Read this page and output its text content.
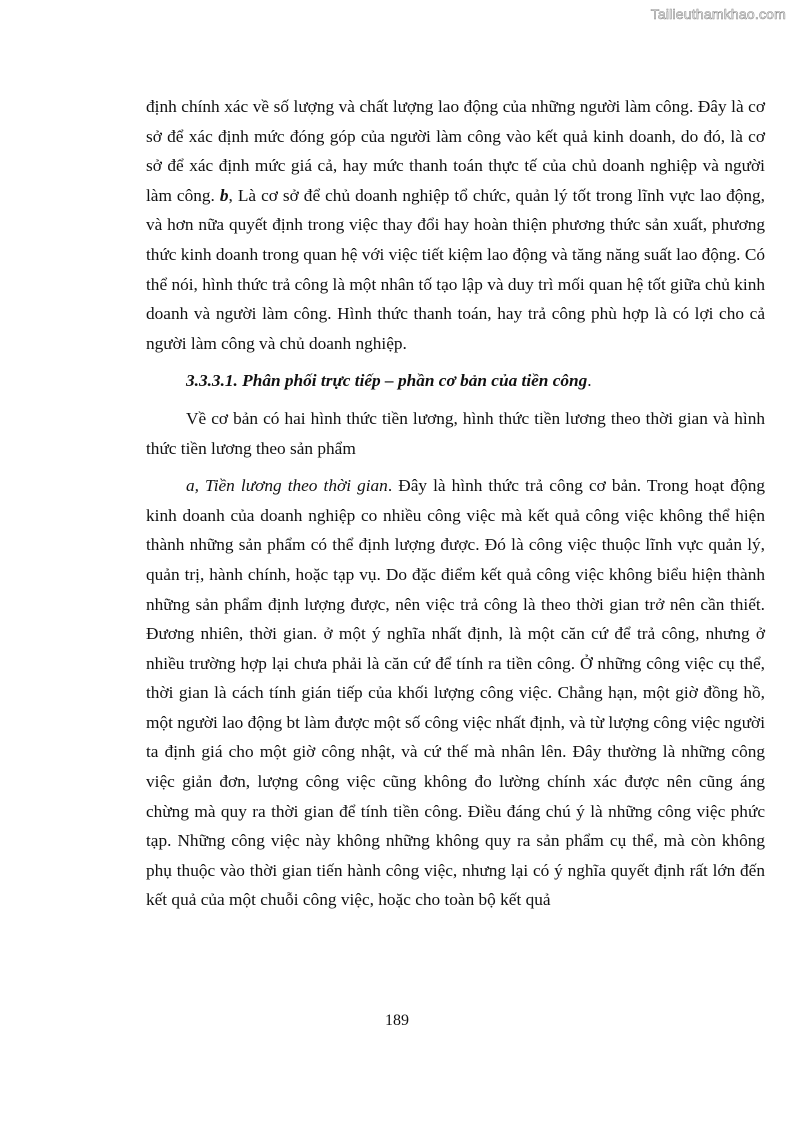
Tailieuthamkhao.com

định chính xác về số lượng và chất lượng lao động của những người làm công. Đây là cơ sở để xác định mức đóng góp của người làm công vào kết quả kinh doanh, do đó, là cơ sở để xác định mức giá cả, hay mức thanh toán thực tế của chủ doanh nghiệp và người làm công. b, Là cơ sở để chủ doanh nghiệp tổ chức, quản lý tốt trong lĩnh vực lao động, và hơn nữa quyết định trong việc thay đổi hay hoàn thiện phương thức sản xuất, phương thức kinh doanh trong quan hệ với việc tiết kiệm lao động và tăng năng suất lao động. Có thể nói, hình thức trả công là một nhân tố tạo lập và duy trì mối quan hệ tốt giữa chủ kinh doanh và người làm công. Hình thức thanh toán, hay trả công phù hợp là có lợi cho cả người làm công và chủ doanh nghiệp.

3.3.3.1. Phân phối trực tiếp – phần cơ bản của tiền công.

Về cơ bản có hai hình thức tiền lương, hình thức tiền lương theo thời gian và hình thức tiền lương theo sản phẩm

a, Tiền lương theo thời gian. Đây là hình thức trả công cơ bản. Trong hoạt động kinh doanh của doanh nghiệp co nhiều công việc mà kết quả công việc không thể hiện thành những sản phẩm có thể định lượng được. Đó là công việc thuộc lĩnh vực quản lý, quản trị, hành chính, hoặc tạp vụ. Do đặc điểm kết quả công việc không biểu hiện thành những sản phẩm định lượng được, nên việc trả công là theo thời gian trở nên cần thiết. Đương nhiên, thời gian. ở một ý nghĩa nhất định, là một căn cứ để trả công, nhưng ở nhiều trường hợp lại chưa phải là căn cứ để tính ra tiền công. Ở những công việc cụ thể, thời gian là cách tính gián tiếp của khối lượng công việc. Chẳng hạn, một giờ đồng hồ, một người lao động bt làm được một số công việc nhất định, và từ lượng công việc người ta định giá cho một giờ công nhật, và cứ thế mà nhân lên. Đây thường là những công việc giản đơn, lượng công việc cũng không đo lường chính xác được nên cũng áng chừng mà quy ra thời gian để tính tiền công. Điều đáng chú ý là những công việc phức tạp. Những công việc này không những không quy ra sản phẩm cụ thể, mà còn không phụ thuộc vào thời gian tiến hành công việc, nhưng lại có ý nghĩa quyết định rất lớn đến kết quả của một chuỗi công việc, hoặc cho toàn bộ kết quả

189
